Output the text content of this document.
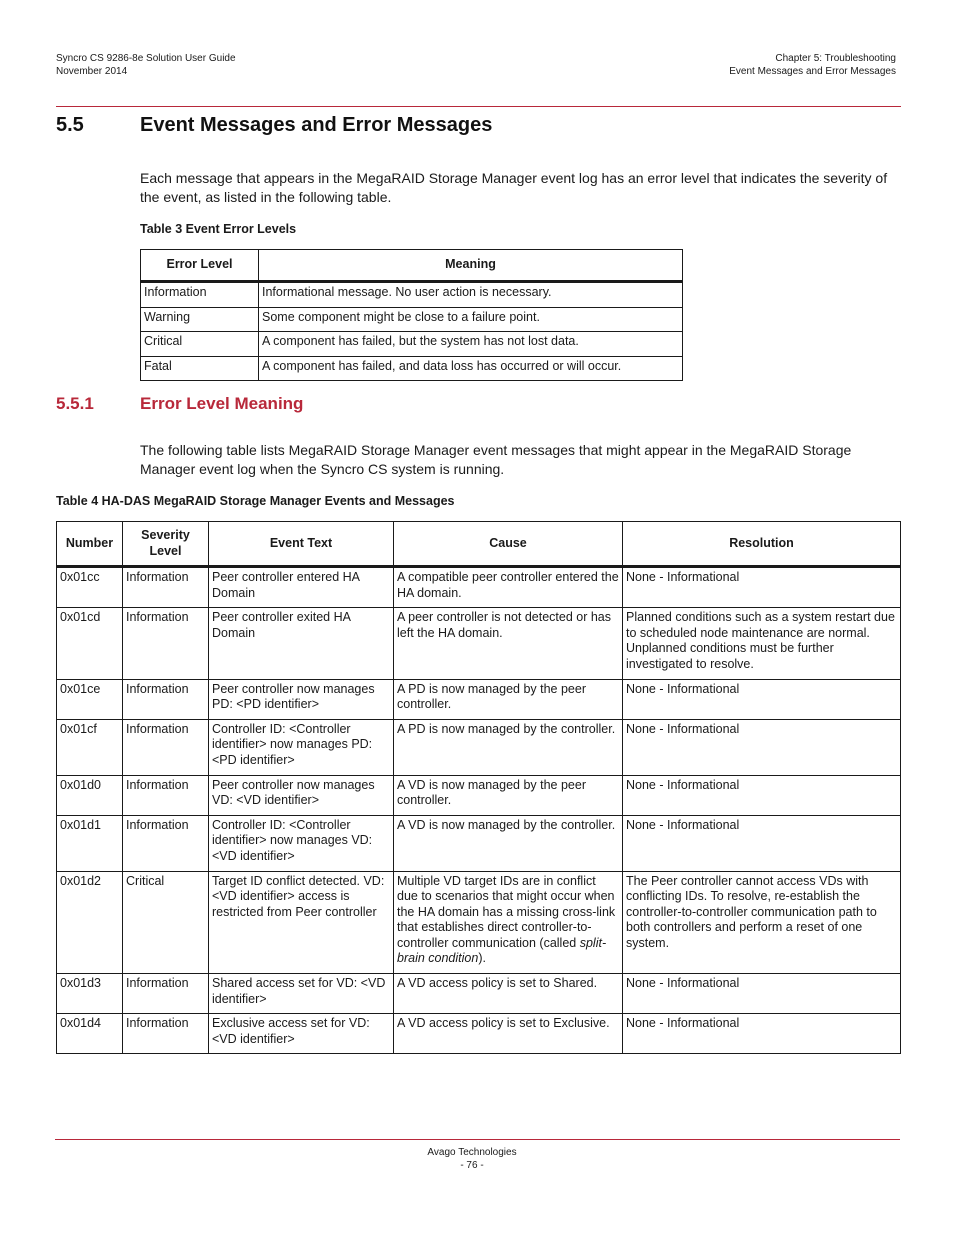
Syncro CS 9286-8e Solution User Guide
November 2014
Chapter 5: Troubleshooting
Event Messages and Error Messages
5.5	Event Messages and Error Messages
Each message that appears in the MegaRAID Storage Manager event log has an error level that indicates the severity of the event, as listed in the following table.
Table 3 Event Error Levels
Error Level	Meaning
Information	Informational message. No user action is necessary.
Warning	Some component might be close to a failure point.
Critical	A component has failed, but the system has not lost data.
Fatal	A component has failed, and data loss has occurred or will occur.
5.5.1	Error Level Meaning
The following table lists MegaRAID Storage Manager event messages that might appear in the MegaRAID Storage Manager event log when the Syncro CS system is running.
Table 4 HA-DAS MegaRAID Storage Manager Events and Messages
Number	Severity Level	Event Text	Cause	Resolution
0x01cc	Information	Peer controller entered HA Domain	A compatible peer controller entered the HA domain.	None - Informational
0x01cd	Information	Peer controller exited HA Domain	A peer controller is not detected or has left the HA domain.	Planned conditions such as a system restart due to scheduled node maintenance are normal. Unplanned conditions must be further investigated to resolve.
0x01ce	Information	Peer controller now manages PD: <PD identifier>	A PD is now managed by the peer controller.	None - Informational
0x01cf	Information	Controller ID: <Controller identifier> now manages PD: <PD identifier>	A PD is now managed by the controller.	None - Informational
0x01d0	Information	Peer controller now manages VD: <VD identifier>	A VD is now managed by the peer controller.	None - Informational
0x01d1	Information	Controller ID: <Controller identifier> now manages VD: <VD identifier>	A VD is now managed by the controller.	None - Informational
0x01d2	Critical	Target ID conflict detected. VD: <VD identifier> access is restricted from Peer controller	Multiple VD target IDs are in conflict due to scenarios that might occur when the HA domain has a missing cross-link that establishes direct controller-to-controller communication (called split-brain condition).	The Peer controller cannot access VDs with conflicting IDs. To resolve, re-establish the controller-to-controller communication path to both controllers and perform a reset of one system.
0x01d3	Information	Shared access set for VD: <VD identifier>	A VD access policy is set to Shared.	None - Informational
0x01d4	Information	Exclusive access set for VD: <VD identifier>	A VD access policy is set to Exclusive.	None - Informational
Avago Technologies
- 76 -
